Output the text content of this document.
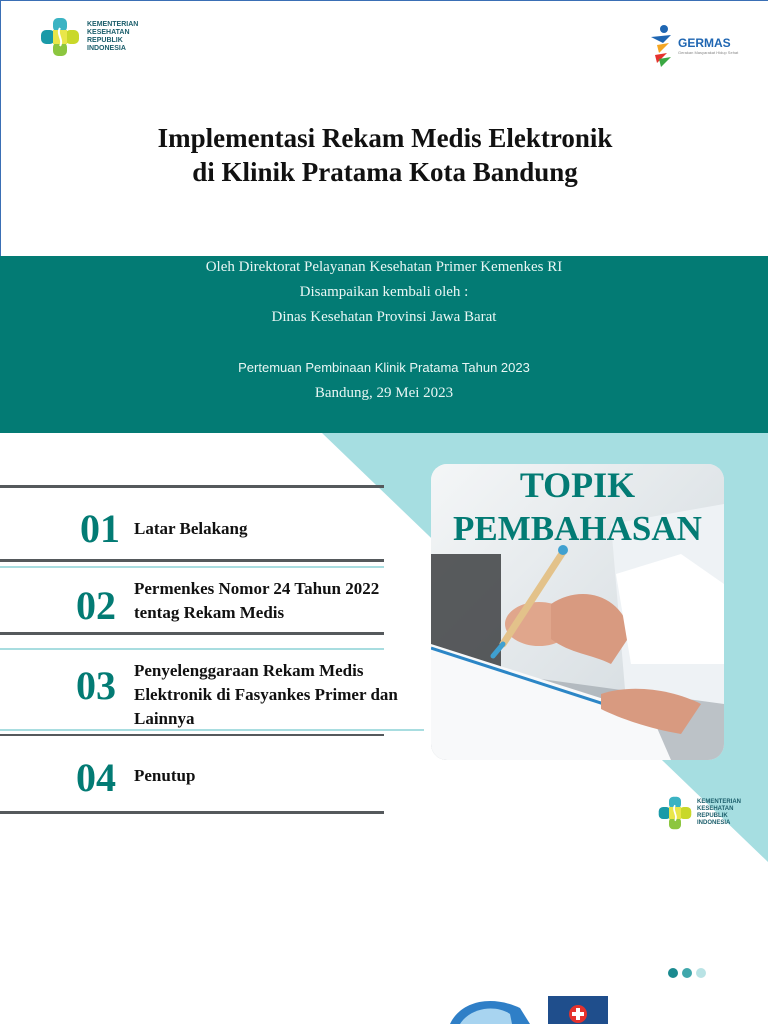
KEMENTERIAN KESEHATAN REPUBLIK INDONESIA	GERMAS
Gerakan Masyarakat Hidup Sehat
Implementasi Rekam Medis Elektronik
di Klinik Pratama Kota Bandung
Oleh Direktorat Pelayanan Kesehatan Primer Kemenkes RI
Disampaikan kembali oleh :
Dinas Kesehatan Provinsi Jawa Barat
Pertemuan Pembinaan Klinik Pratama Tahun 2023
Bandung, 29 Mei 2023
01 Latar Belakang
02 Permenkes Nomor 24 Tahun 2022 tentag Rekam Medis
03 Penyelenggaraan Rekam Medis Elektronik di Fasyankes Primer dan Lainnya
04 Penutup
TOPIK
PEMBAHASAN
KEMENTERIAN KESEHATAN REPUBLIK INDONESIA
